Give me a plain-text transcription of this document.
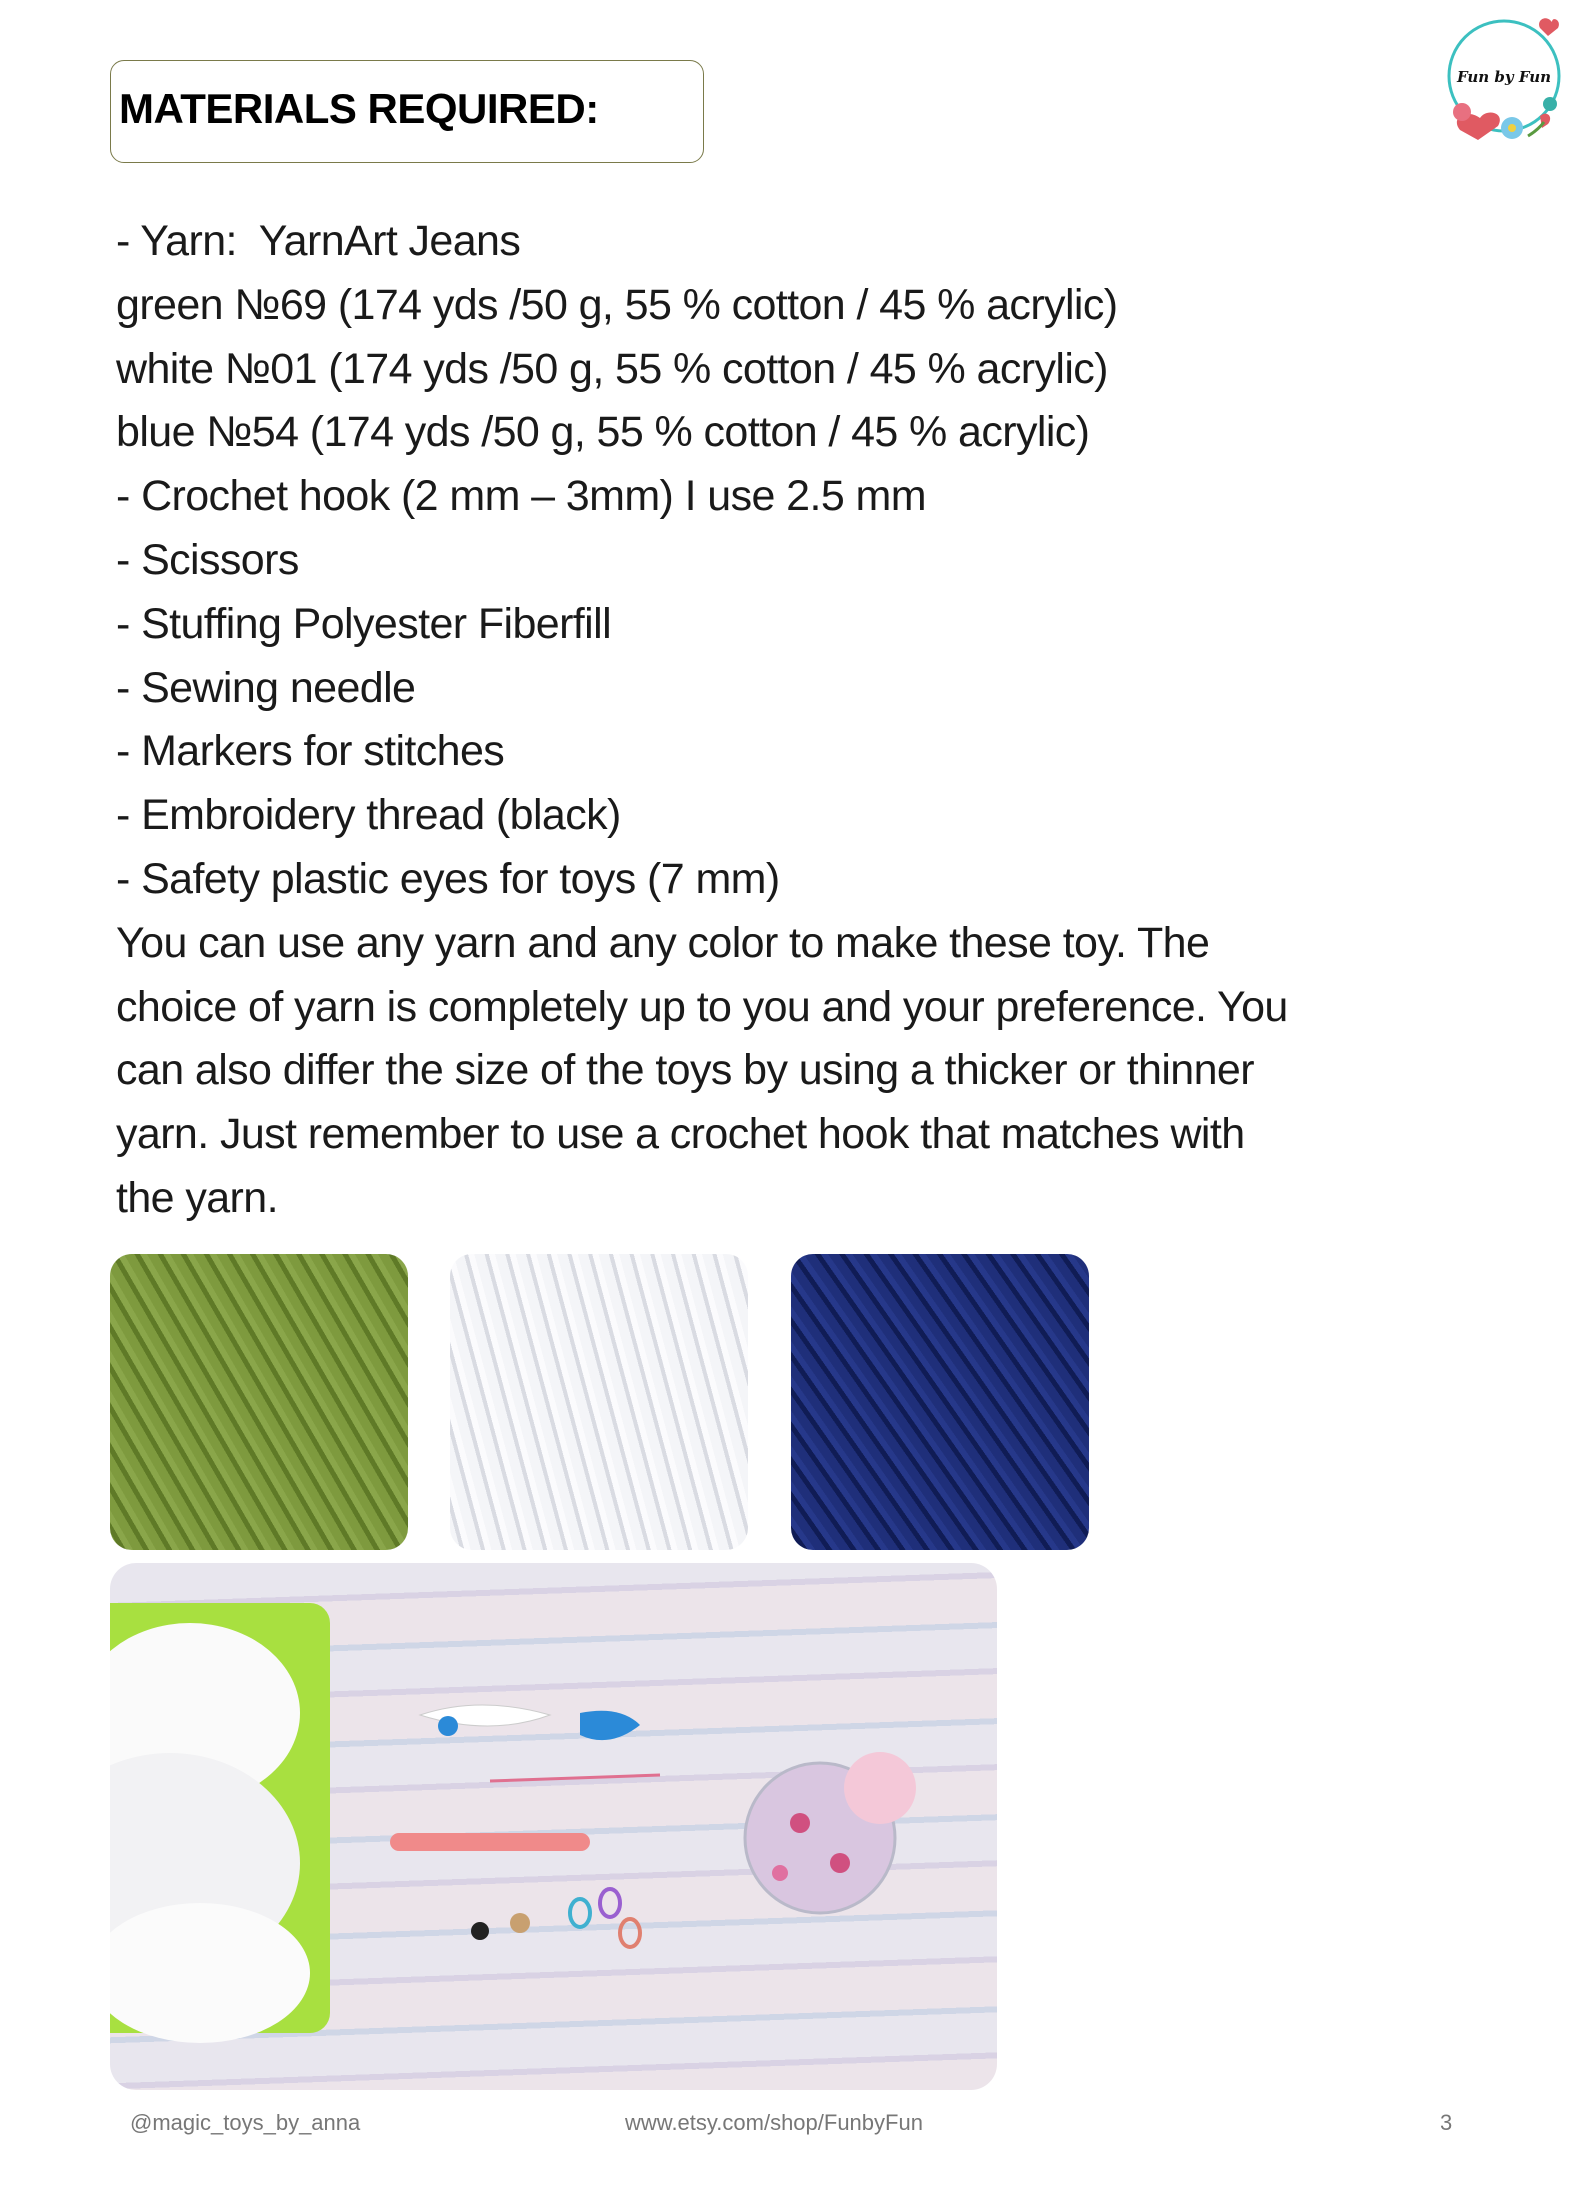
MATERIALS REQUIRED:
Fun by Fun
- Yarn:  YarnArt Jeans
green №69 (174 yds /50 g, 55 % cotton / 45 % acrylic)
white №01 (174 yds /50 g, 55 % cotton / 45 % acrylic)
blue №54 (174 yds /50 g, 55 % cotton / 45 % acrylic)
- Crochet hook (2 mm – 3mm) I use 2.5 mm
- Scissors
- Stuffing Polyester Fiberfill
- Sewing needle
- Markers for stitches
- Embroidery thread (black)
- Safety plastic eyes for toys (7 mm)
You can use any yarn and any color to make these toy. The
choice of yarn is completely up to you and your preference. You
can also differ the size of the toys by using a thicker or thinner
yarn. Just remember to use a crochet hook that matches with
the yarn.
@magic_toys_by_anna	www.etsy.com/shop/FunbyFun	3
